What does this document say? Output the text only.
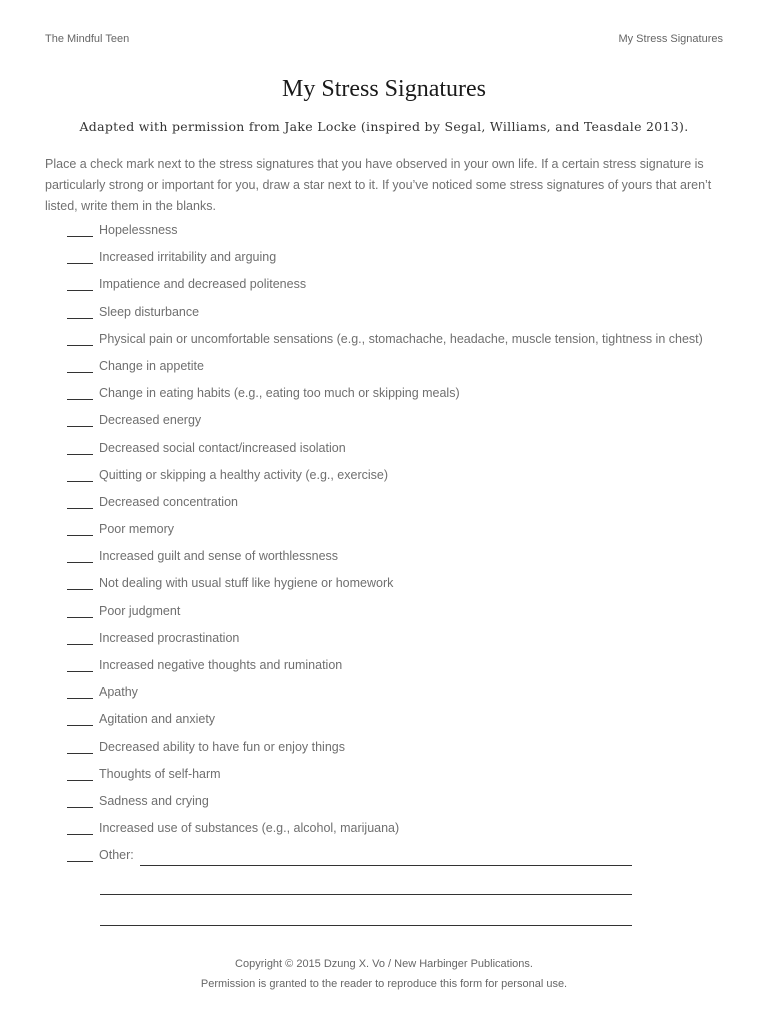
The Mindful Teen	My Stress Signatures
My Stress Signatures
Adapted with permission from Jake Locke (inspired by Segal, Williams, and Teasdale 2013).
Place a check mark next to the stress signatures that you have observed in your own life. If a certain stress signature is particularly strong or important for you, draw a star next to it. If you’ve noticed some stress signatures of yours that aren’t listed, write them in the blanks.
Hopelessness
Increased irritability and arguing
Impatience and decreased politeness
Sleep disturbance
Physical pain or uncomfortable sensations (e.g., stomachache, headache, muscle tension, tightness in chest)
Change in appetite
Change in eating habits (e.g., eating too much or skipping meals)
Decreased energy
Decreased social contact/increased isolation
Quitting or skipping a healthy activity (e.g., exercise)
Decreased concentration
Poor memory
Increased guilt and sense of worthlessness
Not dealing with usual stuff like hygiene or homework
Poor judgment
Increased procrastination
Increased negative thoughts and rumination
Apathy
Agitation and anxiety
Decreased ability to have fun or enjoy things
Thoughts of self-harm
Sadness and crying
Increased use of substances (e.g., alcohol, marijuana)
Other:
Copyright © 2015 Dzung X. Vo / New Harbinger Publications.
Permission is granted to the reader to reproduce this form for personal use.
